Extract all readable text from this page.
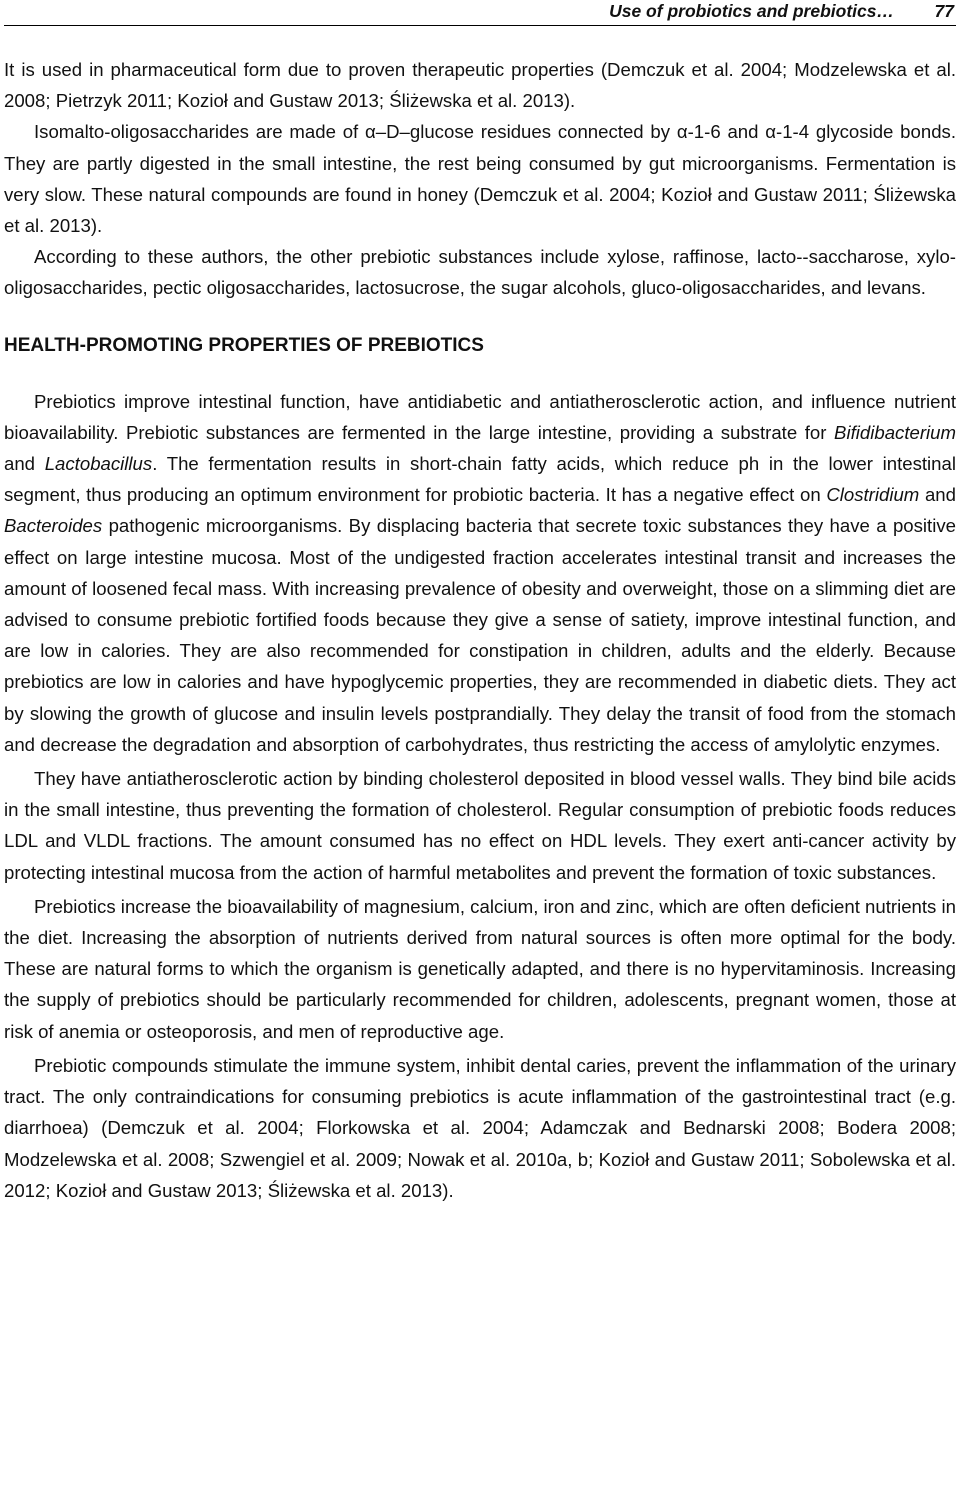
Use of probiotics and prebiotics… 77

It is used in pharmaceutical form due to proven therapeutic properties (Demczuk et al. 2004; Modzelewska et al. 2008; Pietrzyk 2011; Kozioł and Gustaw 2013; Śliżewska et al. 2013).

Isomalto-oligosaccharides are made of α–D–glucose residues connected by α-1-6 and α-1-4 glycoside bonds. They are partly digested in the small intestine, the rest being consumed by gut microorganisms. Fermentation is very slow. These natural compounds are found in honey (Demczuk et al. 2004; Kozioł and Gustaw 2011; Śliżewska et al. 2013).

According to these authors, the other prebiotic substances include xylose, raffinose, lacto--saccharose, xylo-oligosaccharides, pectic oligosaccharides, lactosucrose, the sugar alcohols, gluco-oligosaccharides, and levans.

HEALTH-PROMOTING PROPERTIES OF PREBIOTICS

Prebiotics improve intestinal function, have antidiabetic and antiatherosclerotic action, and influence nutrient bioavailability. Prebiotic substances are fermented in the large intestine, providing a substrate for Bifidibacterium and Lactobacillus. The fermentation results in short-chain fatty acids, which reduce ph in the lower intestinal segment, thus producing an optimum environment for probiotic bacteria. It has a negative effect on Clostridium and Bacteroides pathogenic microorganisms. By displacing bacteria that secrete toxic substances they have a positive effect on large intestine mucosa. Most of the undigested fraction accelerates intestinal transit and increases the amount of loosened fecal mass. With increasing prevalence of obesity and overweight, those on a slimming diet are advised to consume prebiotic fortified foods because they give a sense of satiety, improve intestinal function, and are low in calories. They are also recommended for constipation in children, adults and the elderly. Because prebiotics are low in calories and have hypoglycemic properties, they are recommended in diabetic diets. They act by slowing the growth of glucose and insulin levels postprandially. They delay the transit of food from the stomach and decrease the degradation and absorption of carbohydrates, thus restricting the access of amylolytic enzymes.

They have antiatherosclerotic action by binding cholesterol deposited in blood vessel walls. They bind bile acids in the small intestine, thus preventing the formation of cholesterol. Regular consumption of prebiotic foods reduces LDL and VLDL fractions. The amount consumed has no effect on HDL levels. They exert anti-cancer activity by protecting intestinal mucosa from the action of harmful metabolites and prevent the formation of toxic substances.

Prebiotics increase the bioavailability of magnesium, calcium, iron and zinc, which are often deficient nutrients in the diet. Increasing the absorption of nutrients derived from natural sources is often more optimal for the body. These are natural forms to which the organism is genetically adapted, and there is no hypervitaminosis. Increasing the supply of prebiotics should be particularly recommended for children, adolescents, pregnant women, those at risk of anemia or osteoporosis, and men of reproductive age.

Prebiotic compounds stimulate the immune system, inhibit dental caries, prevent the inflammation of the urinary tract. The only contraindications for consuming prebiotics is acute inflammation of the gastrointestinal tract (e.g. diarrhoea) (Demczuk et al. 2004; Florkowska et al. 2004; Adamczak and Bednarski 2008; Bodera 2008; Modzelewska et al. 2008; Szwengiel et al. 2009; Nowak et al. 2010a, b; Kozioł and Gustaw 2011; Sobolewska et al. 2012; Kozioł and Gustaw 2013; Śliżewska et al. 2013).
